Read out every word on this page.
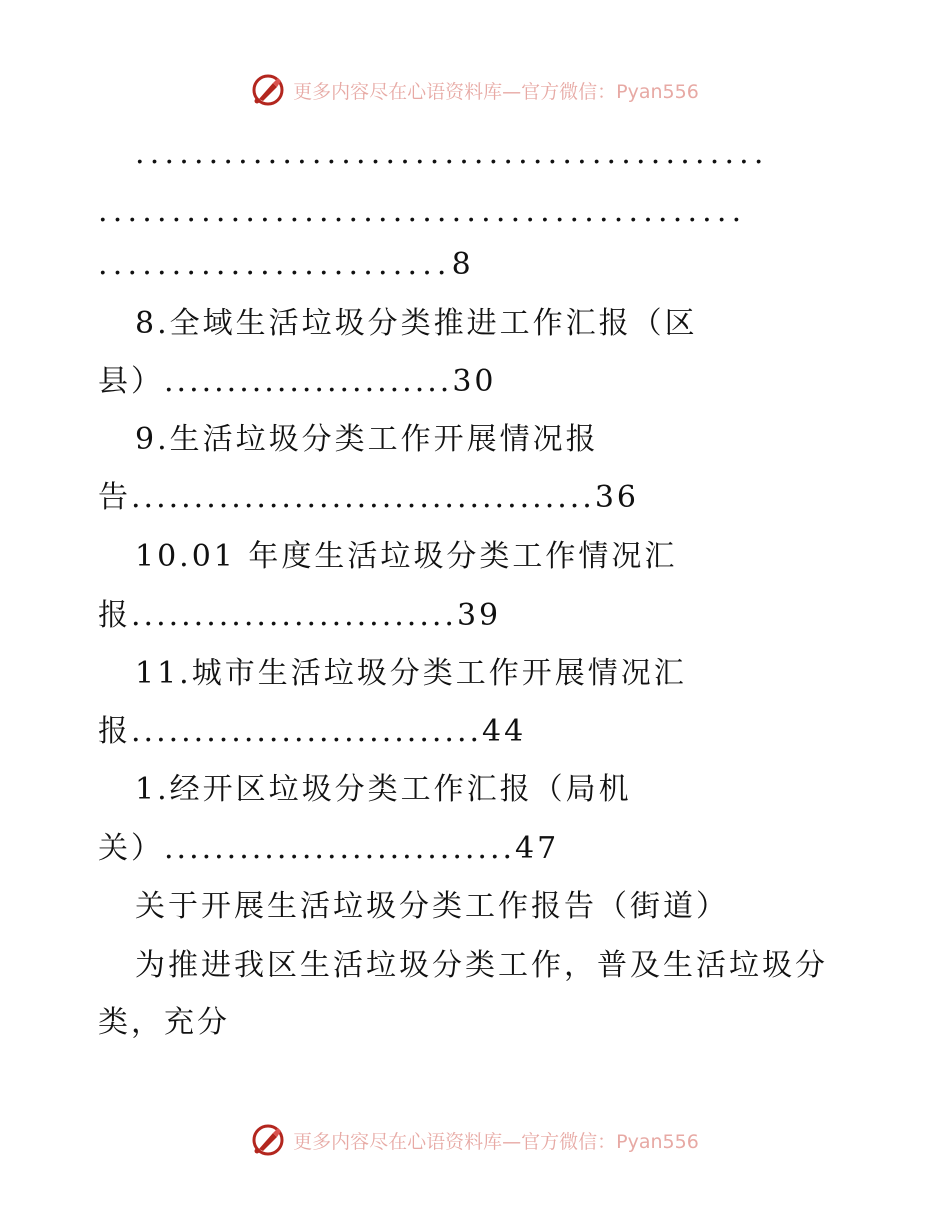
更多内容尽在心语资料库—官方微信：Pyan556
...........................................
............................................
........................8
8.全域生活垃圾分类推进工作汇报（区
县）.......................30
9.生活垃圾分类工作开展情况报
告.....................................36
10.01 年度生活垃圾分类工作情况汇
报..........................39
11.城市生活垃圾分类工作开展情况汇
报............................44
1.经开区垃圾分类工作汇报（局机
关）............................47
关于开展生活垃圾分类工作报告（街道）
为推进我区生活垃圾分类工作，普及生活垃圾分
类，充分
更多内容尽在心语资料库—官方微信：Pyan556
